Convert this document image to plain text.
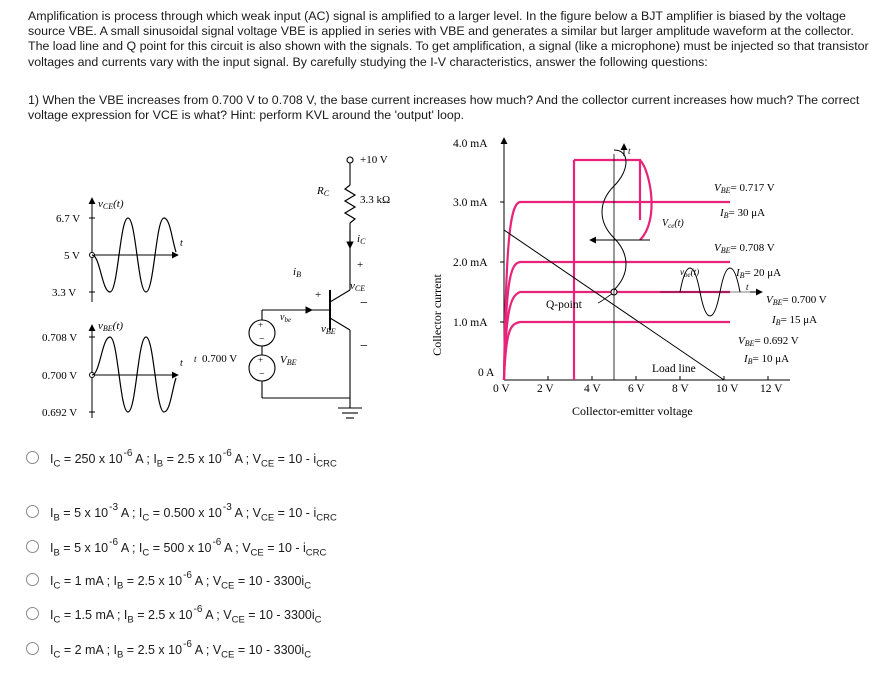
Amplification is process through which weak input (AC) signal is amplified to a larger level. In the figure below a BJT amplifier is biased by the voltage source VBE. A small sinusoidal signal voltage VBE is applied in series with VBE and generates a similar but larger amplitude waveform at the collector. The load line and Q point for this circuit is also shown with the signals. To get amplification, a signal (like a microphone) must be injected so that transistor voltages and currents vary with the input signal. By carefully studying the I-V characteristics, answer the following questions:
1) When the VBE increases from 0.700 V to 0.708 V, the base current increases how much? And the collector current increases how much? The correct voltage expression for VCE is what? Hint: perform KVL around the 'output' loop.
vCE(t)
t
6.7 V
5 V
3.3 V
vBE(t)
t
0.708 V
0.700 V
0.692 V
RC
+10 V
3.3 kΩ
iC
+
vCE
−
iB
+
vBE
−
+
−
+
−
$v_{be}$
VBE
0.700 V
t
Collector current
4.0 mA
3.0 mA
2.0 mA
1.0 mA
0 A
0 V 2 V	4 V 6 V 8 V 10 V 12 V
Collector-emitter voltage
t
$V_{ce}(t)$
$v_{be}(t)$
t
Q-point
Load line
VBE= 0.717 V
IB= 30 μA
VBE= 0.708 V
IB= 20 μA
VBE= 0.700 V
IB= 15 μA
VBE= 0.692 V
IB= 10 μA
$I_C = 250$ x $10^{-6}$ A ; $I_B = 2.5$ x $10^{-6}$ A ; $V_{CE} = 10 - i_{CRC}$
$I_B = 5$ x $10^{-3}$ A ; $I_C = 0.500$ x $10^{-3}$ A ; $V_{CE} = 10 - i_{CRC}$
$I_B = 5$ x $10^{-6}$ A ; $I_C = 500$ x $10^{-6}$ A ; $V_{CE} = 10 - i_{CRC}$
$I_C = 1$ mA ; $I_B = 2.5$ x $10^{-6}$ A ; $V_{CE} = 10 - 3300i_C$
$I_C = 1.5$ mA ; $I_B = 2.5$ x $10^{-6}$ A ; $V_{CE} = 10 - 3300i_C$
$I_C = 2$ mA ; $I_B = 2.5$ x $10^{-6}$ A ; $V_{CE} = 10 - 3300i_C$
